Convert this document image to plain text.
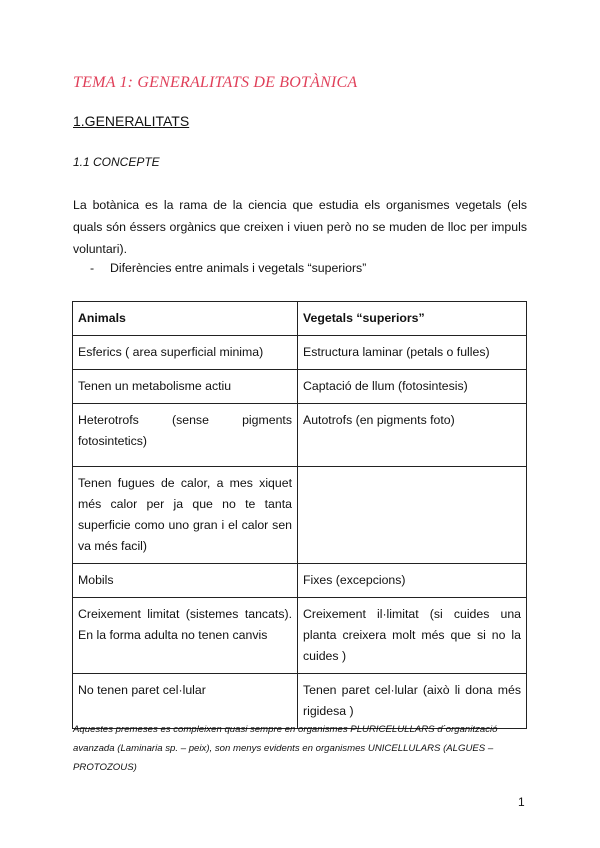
TEMA 1: GENERALITATS DE BOTÀNICA
1.GENERALITATS
1.1 CONCEPTE
La botànica es la rama de la ciencia que estudia els organismes vegetals (els quals són éssers orgànics que creixen i viuen però no se muden de lloc per impuls voluntari).
- Diferències entre animals i vegetals “superiors”
Animals	Vegetals “superiors”
Esferics ( area superficial minima)	Estructura laminar (petals o fulles)
Tenen un metabolisme actiu	Captació de llum (fotosintesis)
Heterotrofs (sense pigments fotosintetics)	Autotrofs (en pigments foto)
Tenen fugues de calor, a mes xiquet més calor per ja que no te tanta superficie como uno gran i el calor sen va més facil)	
Mobils	Fixes (excepcions)
Creixement limitat (sistemes tancats). En la forma adulta no tenen canvis	Creixement il·limitat (si cuides una planta creixera molt més que si no la cuides )
No tenen paret cel·lular	Tenen paret cel·lular (això li dona més rigidesa )
Aquestes premeses es compleixen quasi sempre en organismes PLURICELULLARS d´organització avanzada (Laminaria sp. – peix), son menys evidents en organismes UNICELLULARS (ALGUES – PROTOZOUS)
1
